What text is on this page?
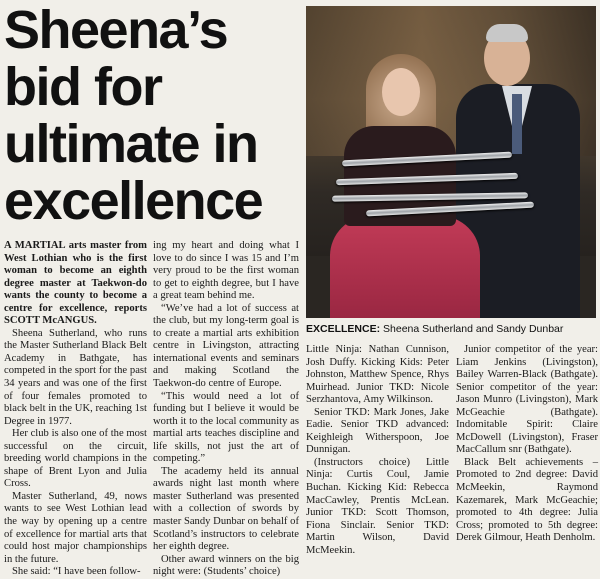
Sheena’s bid for ultimate in excellence
EXCELLENCE: Sheena Sutherland and Sandy Dunbar

A MARTIAL arts master from West Lothian who is the first woman to become an eighth degree master at Taekwon-do wants the county to become a centre for excellence, reports SCOTT McANGUS.

Sheena Sutherland, who runs the Master Sutherland Black Belt Academy in Bathgate, has competed in the sport for the past 34 years and was one of the first of four females promoted to black belt in the UK, reaching 1st Degree in 1977.

Her club is also one of the most successful on the circuit, breeding world champions in the shape of Brent Lyon and Julia Cross.

Master Sutherland, 49, nows wants to see West Lothian lead the way by opening up a centre of excellence for martial arts that could host major championships in the future.

She said: “I have been follow-

ing my heart and doing what I love to do since I was 15 and I’m very proud to be the first woman to get to eighth degree, but I have a great team behind me.

“We’ve had a lot of success at the club, but my long-term goal is to create a martial arts exhibition centre in Livingston, attracting international events and seminars and making Scotland the Taekwon-do centre of Europe.

“This would need a lot of funding but I believe it would be worth it to the local community as martial arts teaches discipline and life skills, not just the art of competing.”

The academy held its annual awards night last month where master Sutherland was presented with a collection of swords by master Sandy Dunbar on behalf of Scotland’s instructors to celebrate her eighth degree.

Other award winners on the big night were: (Students’ choice)

Little Ninja: Nathan Cunnison, Josh Duffy. Kicking Kids: Peter Johnston, Matthew Spence, Rhys Muirhead. Junior TKD: Nicole Serzhantova, Amy Wilkinson.

Senior TKD: Mark Jones, Jake Eadie. Senior TKD advanced: Keighleigh Witherspoon, Joe Dunnigan.

(Instructors choice) Little Ninja: Curtis Coul, Jamie Buchan. Kicking Kid: Rebecca MacCawley, Prentis McLean. Junior TKD: Scott Thomson, Fiona Sinclair. Senior TKD: Martin Wilson, David McMeekin.

Junior competitor of the year: Liam Jenkins (Livingston), Bailey Warren-Black (Bathgate). Senior competitor of the year: Jason Munro (Livingston), Mark McGeachie (Bathgate). Indomitable Spirit: Claire McDowell (Livingston), Fraser MacCallum snr (Bathgate).

Black Belt achievements – Promoted to 2nd degree: David McMeekin, Raymond Kazemarek, Mark McGeachie; promoted to 4th degree: Julia Cross; promoted to 5th degree: Derek Gilmour, Heath Denholm.
